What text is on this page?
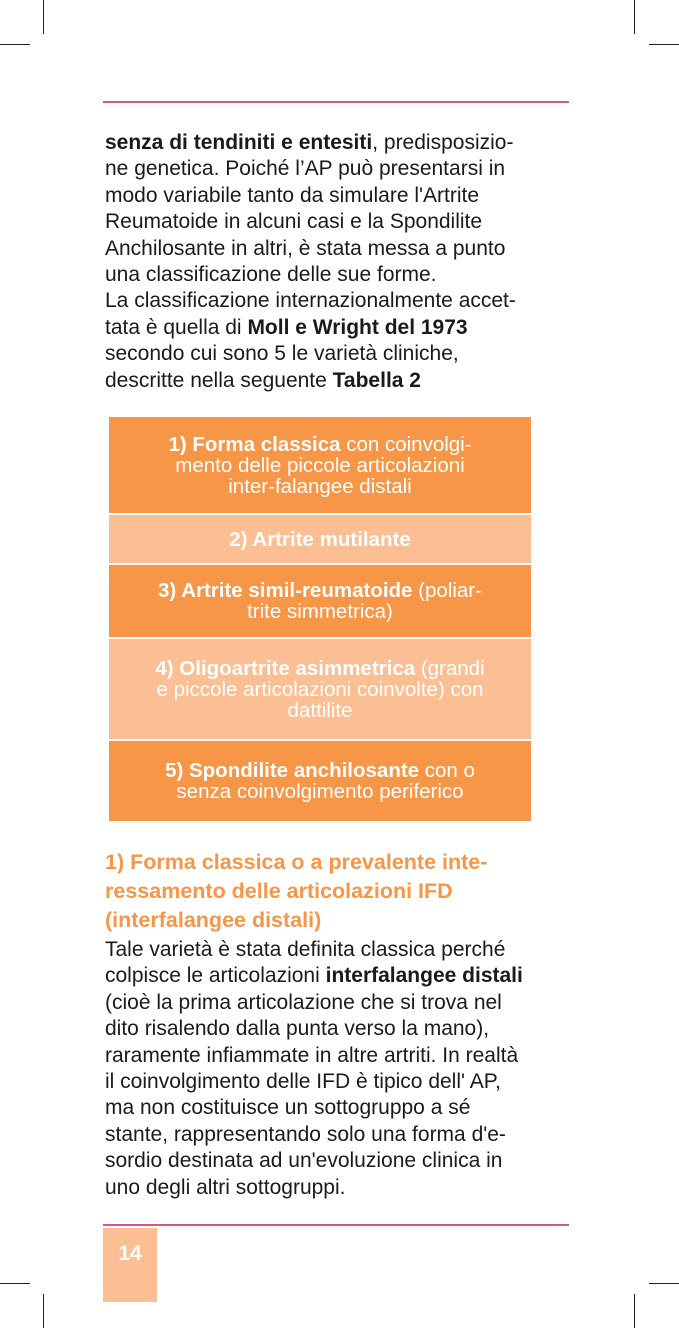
senza di tendiniti e entesiti, predisposizio-
ne genetica. Poiché l’AP può presentarsi in
modo variabile tanto da simulare l'Artrite
Reumatoide in alcuni casi e la Spondilite
Anchilosante in altri, è stata messa a punto
una classificazione delle sue forme.

La classificazione internazionalmente accet-
tata è quella di Moll e Wright del 1973
secondo cui sono 5 le varietà cliniche,
descritte nella seguente Tabella 2

1) Forma classica con coinvolgi-
mento delle piccole articolazioni
inter-falangee distali
2) Artrite mutilante
3) Artrite simil-reumatoide (poliar-
trite simmetrica)
4) Oligoartrite asimmetrica (grandi
e piccole articolazioni coinvolte) con
dattilite
5) Spondilite anchilosante con o
senza coinvolgimento periferico
1) Forma classica o a prevalente inte-
ressamento delle articolazioni IFD
(interfalangee distali)

Tale varietà è stata definita classica perché
colpisce le articolazioni interfalangee distali
(cioè la prima articolazione che si trova nel
dito risalendo dalla punta verso la mano),
raramente infiammate in altre artriti. In realtà
il coinvolgimento delle IFD è tipico dell' AP,
ma non costituisce un sottogruppo a sé
stante, rappresentando solo una forma d'e-
sordio destinata ad un'evoluzione clinica in
uno degli altri sottogruppi.

14
